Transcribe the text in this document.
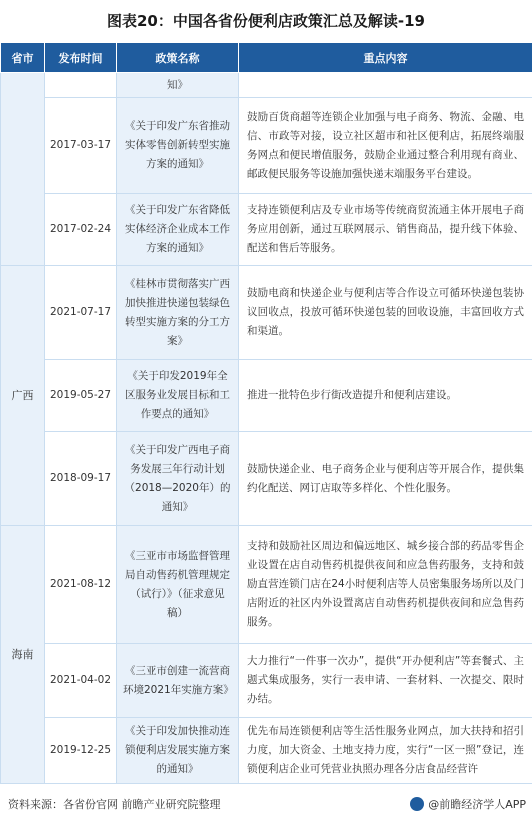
图表20：中国各省份便利店政策汇总及解读-19
省市	发布时间	政策名称	重点内容
		知》	
	2017-03-17	《关于印发广东省推动实体零售创新转型实施方案的通知》	鼓励百货商超等连锁企业加强与电子商务、物流、金融、电信、市政等对接，设立社区超市和社区便利店，拓展终端服务网点和便民增值服务，鼓励企业通过整合利用现有商业、邮政便民服务等设施加强快递末端服务平台建设。
	2017-02-24	《关于印发广东省降低实体经济企业成本工作方案的通知》	支持连锁便利店及专业市场等传统商贸流通主体开展电子商务应用创新，通过互联网展示、销售商品，提升线下体验、配送和售后等服务。
广西	2021-07-17	《桂林市贯彻落实广西加快推进快递包装绿色转型实施方案的分工方案》	鼓励电商和快递企业与便利店等合作设立可循环快递包装协议回收点，投放可循环快递包装的回收设施，丰富回收方式和渠道。
	2019-05-27	《关于印发2019年全区服务业发展目标和工作要点的通知》	推进一批特色步行街改造提升和便利店建设。
	2018-09-17	《关于印发广西电子商务发展三年行动计划（2018—2020年）的通知》	鼓励快递企业、电子商务企业与便利店等开展合作，提供集约化配送、网订店取等多样化、个性化服务。
海南	2021-08-12	《三亚市市场监督管理局自动售药机管理规定（试行）》（征求意见稿）	支持和鼓励社区周边和偏远地区、城乡接合部的药品零售企业设置在店自动售药机提供夜间和应急售药服务，支持和鼓励直营连锁门店在24小时便利店等人员密集服务场所以及门店附近的社区内外设置离店自动售药机提供夜间和应急售药服务。
	2021-04-02	《三亚市创建一流营商环境2021年实施方案》	大力推行“一件事一次办”，提供“开办便利店”等套餐式、主题式集成服务，实行一表申请、一套材料、一次提交、限时办结。
	2019-12-25	《关于印发加快推动连锁便利店发展实施方案的通知》	优先布局连锁便利店等生活性服务业网点，加大扶持和招引力度，加大资金、土地支持力度，实行“一区一照”登记，连锁便利店企业可凭营业执照办理各分店食品经营许
资料来源：各省份官网 前瞻产业研究院整理	@前瞻经济学人APP
